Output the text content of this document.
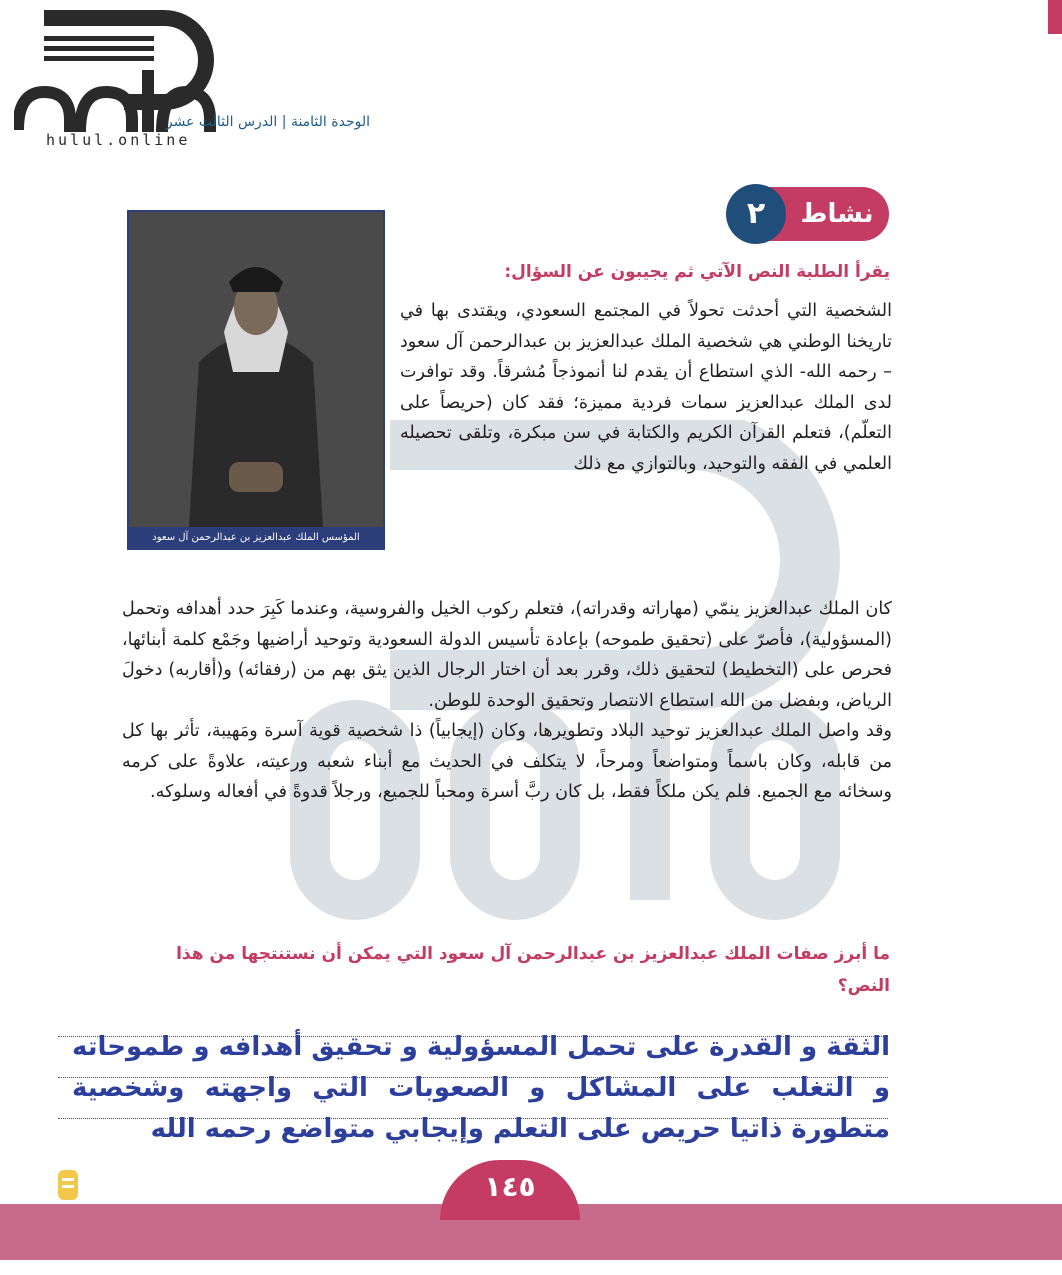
hulul.online
الوحدة الثامنة | الدرس الثالث عشر
٢	نشاط
المؤسس الملك عبدالعزيز بن عبدالرحمن آل سعود
يقرأ الطلبة النص الآتي ثم يجيبون عن السؤال:
الشخصية التي أحدثت تحولاً في المجتمع السعودي، ويقتدى بها في تاريخنا الوطني هي شخصية الملك عبدالعزيز بن عبدالرحمن آل سعود – رحمه الله- الذي استطاع أن يقدم لنا أنموذجاً مُشرقاً. وقد توافرت لدى الملك عبدالعزيز سمات فردية مميزة؛ فقد كان (حريصاً على التعلّم)، فتعلم القرآن الكريم والكتابة في سن مبكرة، وتلقى تحصيله العلمي في الفقه والتوحيد، وبالتوازي مع ذلك
كان الملك عبدالعزيز ينمّي (مهاراته وقدراته)، فتعلم ركوب الخيل والفروسية، وعندما كَبِرَ حدد أهدافه وتحمل (المسؤولية)، فأصرّ على (تحقيق طموحه) بإعادة تأسيس الدولة السعودية وتوحيد أراضيها وجَمْع كلمة أبنائها، فحرص على (التخطيط) لتحقيق ذلك، وقرر بعد أن اختار الرجال الذين يثق بهم من (رفقائه) و(أقاربه) دخولَ الرياض، وبفضل من الله استطاع الانتصار وتحقيق الوحدة للوطن.
وقد واصل الملك عبدالعزيز توحيد البلاد وتطويرها، وكان (إيجابياً) ذا شخصية قوية آسرة ومَهيبة، تأثر بها كل من قابله، وكان باسماً ومتواضعاً ومرحاً، لا يتكلف في الحديث مع أبناء شعبه ورعيته، علاوةً على كرمه وسخائه مع الجميع. فلم يكن ملكاً فقط، بل كان ربَّ أسرة ومحباً للجميع، ورجلاً قدوةً في أفعاله وسلوكه.
ما أبرز صفات الملك عبدالعزيز بن عبدالرحمن آل سعود التي يمكن أن نستنتجها من هذا النص؟
الثقة و القدرة على تحمل المسؤولية و تحقيق أهدافه و طموحاته و التغلب على المشاكل و الصعوبات التي واجهته وشخصية متطورة ذاتيا حريص على التعلم وإيجابي متواضع رحمه الله
١٤٥
